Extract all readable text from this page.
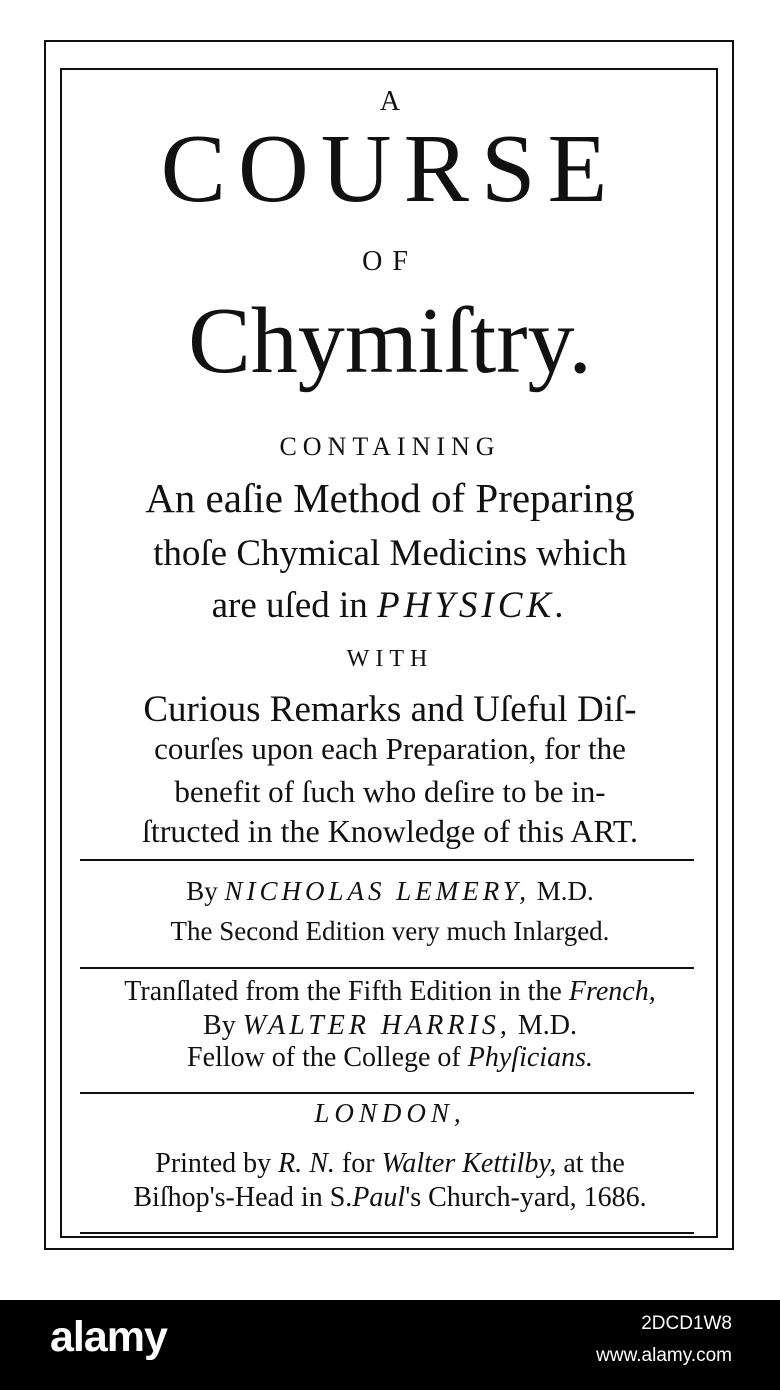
A
COURSE
OF
Chymiſtry.
CONTAINING
An eaſie Method of Preparing
thoſe Chymical Medicins which
are uſed in PHYSICK.
WITH
Curious Remarks and Uſeful Diſ-
courſes upon each Preparation, for the
benefit of ſuch who deſire to be in-
ſtructed in the Knowledge of this ART.
By NICHOLAS LEMERY, M.D.
The Second Edition very much Inlarged.
Tranſlated from the Fifth Edition in the French,
By WALTER HARRIS, M.D.
Fellow of the College of Phyſicians.
LONDON,
Printed by R. N. for Walter Kettilby, at the
Biſhop's-Head in S.Paul's Church-yard, 1686.
alamy	2DCD1W8
www.alamy.com
